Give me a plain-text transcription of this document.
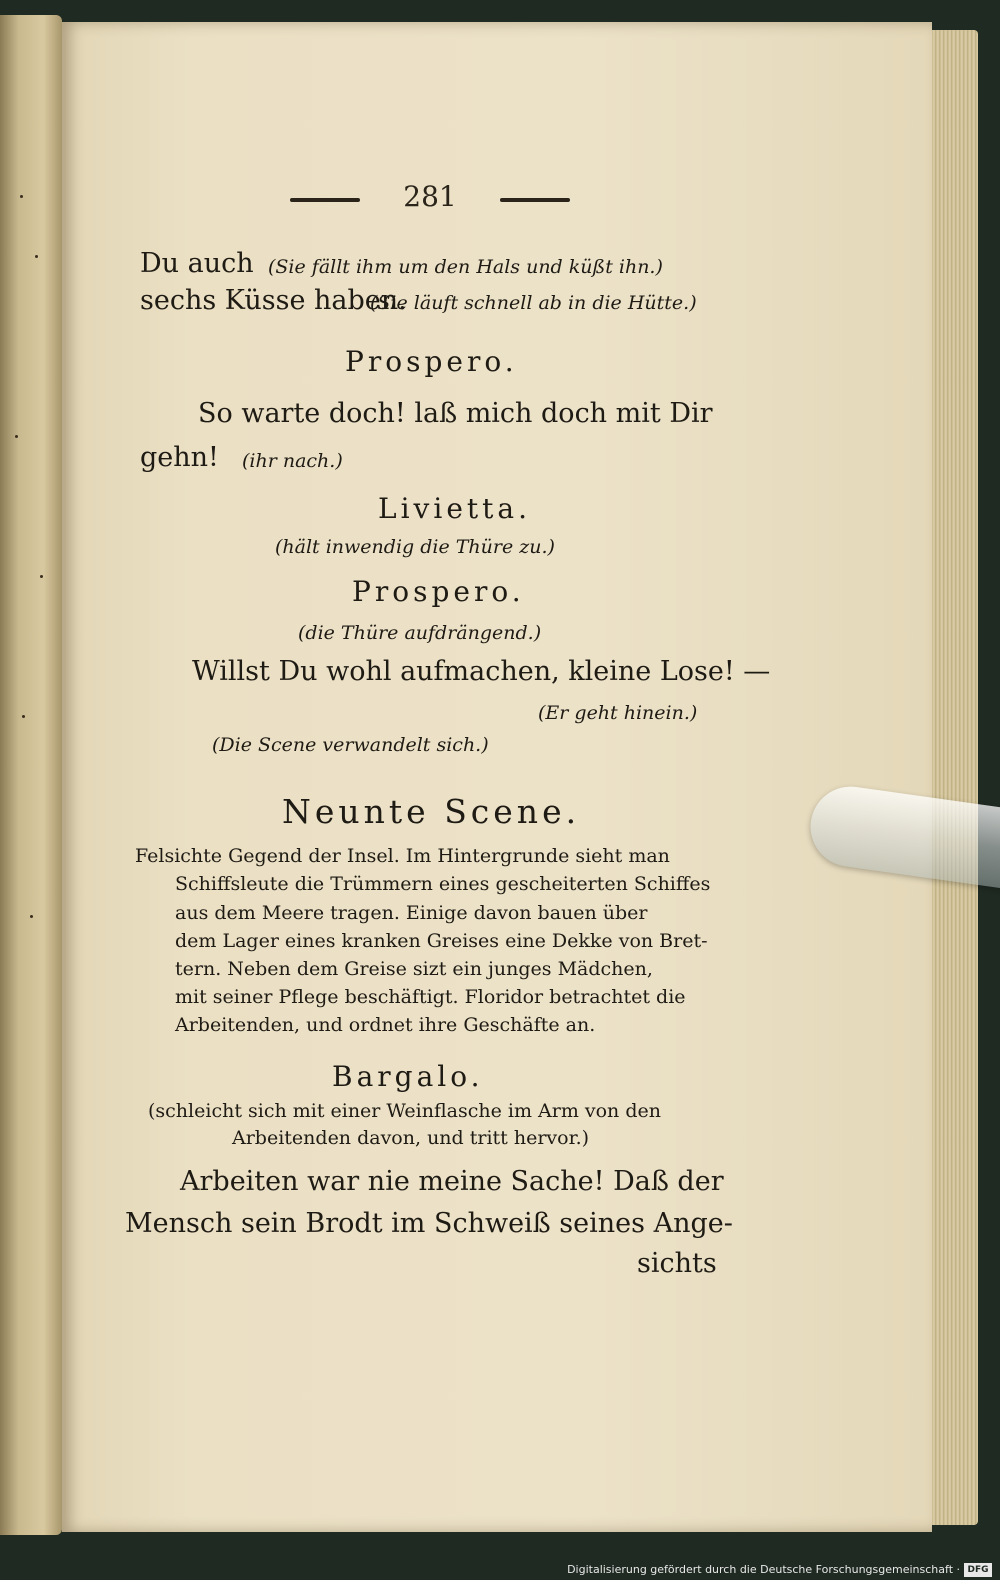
281
Du auch (Sie fällt ihm um den Hals und küßt ihn.)
sechs Küsse haben.
(Sie läuft schnell ab in die Hütte.)
Prospero.
So warte doch! laß mich doch mit Dir
gehn! (ihr nach.)
Livietta.
(hält inwendig die Thüre zu.)
Prospero.
(die Thüre aufdrängend.)
Willst Du wohl aufmachen, kleine Lose! —
(Er geht hinein.)
(Die Scene verwandelt sich.)
Neunte Scene.
Felsichte Gegend der Insel. Im Hintergrunde sieht man
Schiffsleute die Trümmern eines gescheiterten Schiffes
aus dem Meere tragen. Einige davon bauen über
dem Lager eines kranken Greises eine Dekke von Bret-
tern. Neben dem Greise sizt ein junges Mädchen,
mit seiner Pflege beschäftigt. Floridor betrachtet die
Arbeitenden, und ordnet ihre Geschäfte an.
Bargalo.
(schleicht sich mit einer Weinflasche im Arm von den
Arbeitenden davon, und tritt hervor.)
Arbeiten war nie meine Sache! Daß der
Mensch sein Brodt im Schweiß seines Ange-
sichts
Digitalisierung gefördert durch die Deutsche Forschungsgemeinschaft · DFG
